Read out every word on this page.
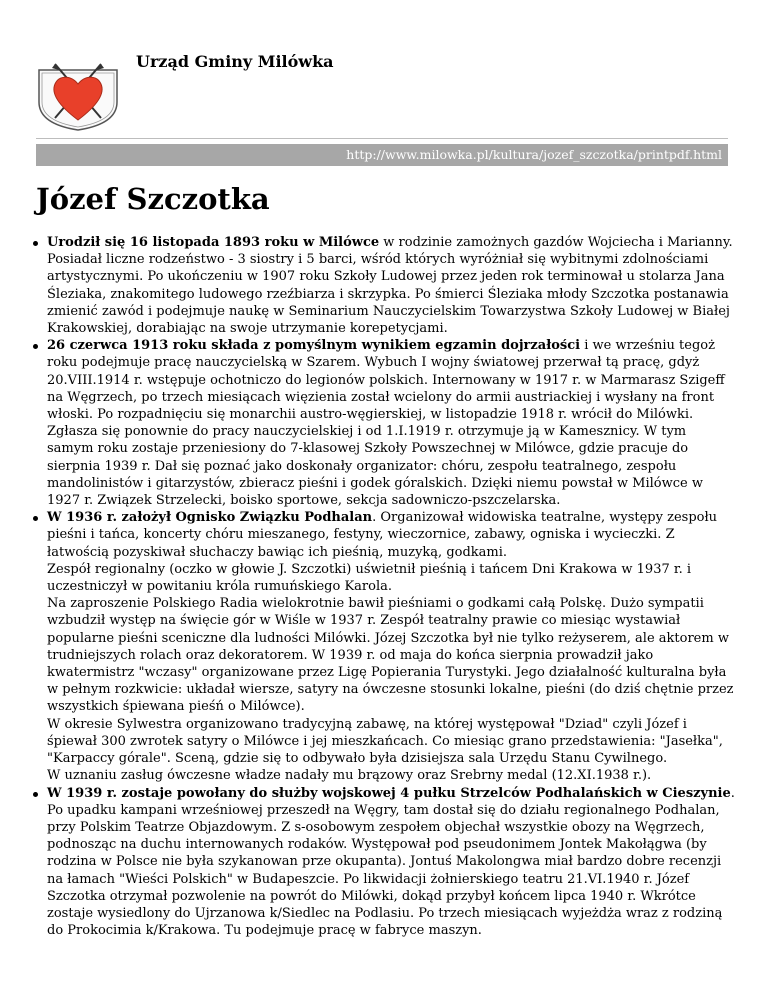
Urząd Gminy Milówka
http://www.milowka.pl/kultura/jozef_szczotka/printpdf.html
Józef Szczotka
Urodził się 16 listopada 1893 roku w Milówce w rodzinie zamożnych gazdów Wojciecha i Marianny. Posiadał liczne rodzeństwo - 3 siostry i 5 barci, wśród których wyróżniał się wybitnymi zdolnościami artystycznymi. Po ukończeniu w 1907 roku Szkoły Ludowej przez jeden rok terminował u stolarza Jana Śleziaka, znakomitego ludowego rzeźbiarza i skrzypka. Po śmierci Śleziaka młody Szczotka postanawia zmienić zawód i podejmuje naukę w Seminarium Nauczycielskim Towarzystwa Szkoły Ludowej w Białej Krakowskiej, dorabiając na swoje utrzymanie korepetycjami.
26 czerwca 1913 roku składa z pomyślnym wynikiem egzamin dojrzałości i we wrześniu tegoż roku podejmuje pracę nauczycielską w Szarem. Wybuch I wojny światowej przerwał tą pracę, gdyż 20.VIII.1914 r. wstępuje ochotniczo do legionów polskich. Internowany w 1917 r. w Marmarasz Szigeff na Węgrzech, po trzech miesiącach więzienia został wcielony do armii austriackiej i wysłany na front włoski. Po rozpadnięciu się monarchii austro-węgierskiej, w listopadzie 1918 r. wrócił do Milówki. Zgłasza się ponownie do pracy nauczycielskiej i od 1.I.1919 r. otrzymuje ją w Kamesznicy. W tym samym roku zostaje przeniesiony do 7-klasowej Szkoły Powszechnej w Milówce, gdzie pracuje do sierpnia 1939 r. Dał się poznać jako doskonały organizator: chóru, zespołu teatralnego, zespołu mandolinistów i gitarzystów, zbieracz pieśni i godek góralskich. Dzięki niemu powstał w Milówce w 1927 r. Związek Strzelecki, boisko sportowe, sekcja sadowniczo-pszczelarska.
W 1936 r. założył Ognisko Związku Podhalan. Organizował widowiska teatralne, występy zespołu pieśni i tańca, koncerty chóru mieszanego, festyny, wieczornice, zabawy, ogniska i wycieczki. Z łatwością pozyskiwał słuchaczy bawiąc ich pieśnią, muzyką, godkami.
Zespół regionalny (oczko w głowie J. Szczotki) uświetnił pieśnią i tańcem Dni Krakowa w 1937 r. i uczestniczył w powitaniu króla rumuńskiego Karola.
Na zaproszenie Polskiego Radia wielokrotnie bawił pieśniami o godkami całą Polskę. Dużo sympatii wzbudził występ na święcie gór w Wiśle w 1937 r. Zespół teatralny prawie co miesiąc wystawiał popularne pieśni sceniczne dla ludności Milówki. Józej Szczotka był nie tylko reżyserem, ale aktorem w trudniejszych rolach oraz dekoratorem. W 1939 r. od maja do końca sierpnia prowadził jako kwatermistrz "wczasy" organizowane przez Ligę Popierania Turystyki. Jego działalność kulturalna była w pełnym rozkwicie: układał wiersze, satyry na ówczesne stosunki lokalne, pieśni (do dziś chętnie przez wszystkich śpiewana pieśń o Milówce).
W okresie Sylwestra organizowano tradycyjną zabawę, na której występował "Dziad" czyli Józef i śpiewał 300 zwrotek satyry o Milówce i jej mieszkańcach. Co miesiąc grano przedstawienia: "Jasełka", "Karpaccy górale". Sceną, gdzie się to odbywało była dzisiejsza sala Urzędu Stanu Cywilnego.
W uznaniu zasług ówczesne władze nadały mu brązowy oraz Srebrny medal (12.XI.1938 r.).
W 1939 r. zostaje powołany do służby wojskowej 4 pułku Strzelców Podhalańskich w Cieszynie. Po upadku kampani wrześniowej przeszedł na Węgry, tam dostał się do działu regionalnego Podhalan, przy Polskim Teatrze Objazdowym. Z s-osobowym zespołem objechał wszystkie obozy na Węgrzech, podnosząc na duchu internowanych rodaków. Występował pod pseudonimem Jontek Makołągwa (by rodzina w Polsce nie była szykanowan prze okupanta). Jontuś Makolongwa miał bardzo dobre recenzji na łamach "Wieści Polskich" w Budapeszcie. Po likwidacji żołnierskiego teatru 21.VI.1940 r. Józef Szczotka otrzymał pozwolenie na powrót do Milówki, dokąd przybył końcem lipca 1940 r. Wkrótce zostaje wysiedlony do Ujrzanowa k/Siedlec na Podlasiu. Po trzech miesiącach wyjeżdża wraz z rodziną do Prokocimia k/Krakowa. Tu podejmuje pracę w fabryce maszyn.
